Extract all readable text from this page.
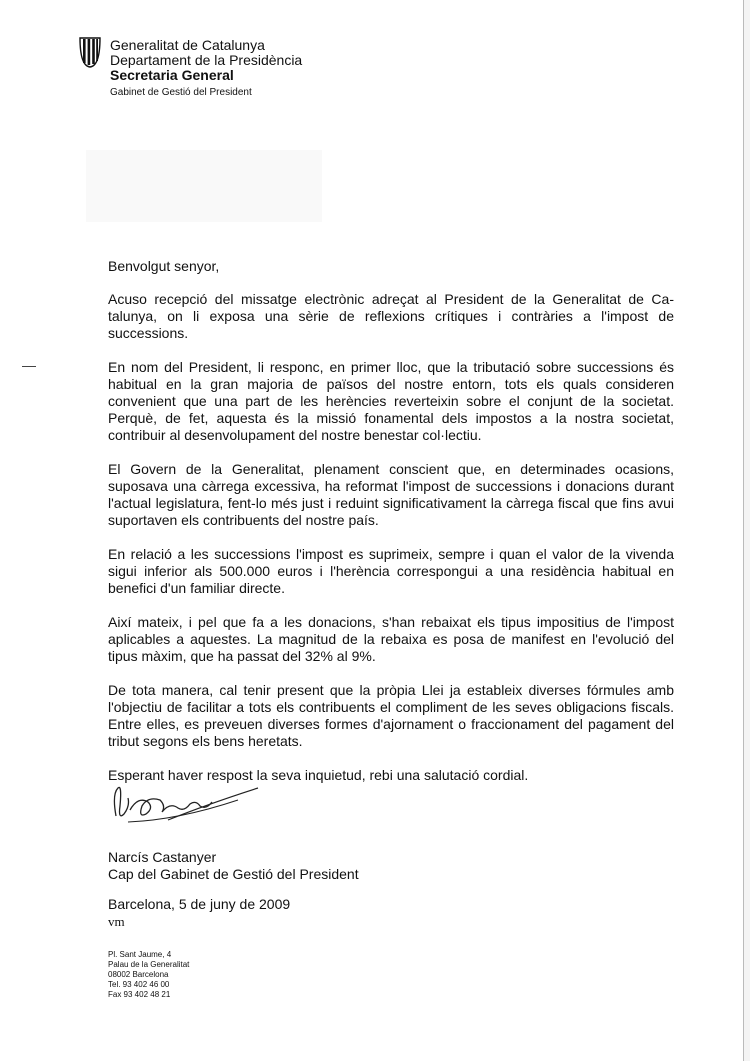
Generalitat de Catalunya
Departament de la Presidència
Secretaria General
Gabinet de Gestió del President

Benvolgut senyor,

Acuso recepció del missatge electrònic adreçat al President de la Generalitat de Ca-talunya, on li exposa una sèrie de reflexions crítiques i contràries a l'impost de successions.

En nom del President, li responc, en primer lloc, que la tributació sobre successions és habitual en la gran majoria de països del nostre entorn, tots els quals consideren convenient que una part de les herències reverteixin sobre el conjunt de la societat. Perquè, de fet, aquesta és la missió fonamental dels impostos a la nostra societat, contribuir al desenvolupament del nostre benestar col·lectiu.

El Govern de la Generalitat, plenament conscient que, en determinades ocasions, suposava una càrrega excessiva, ha reformat l'impost de successions i donacions durant l'actual legislatura, fent-lo més just i reduint significativament la càrrega fiscal que fins avui suportaven els contribuents del nostre país.

En relació a les successions l'impost es suprimeix, sempre i quan el valor de la vivenda sigui inferior als 500.000 euros i l'herència correspongui a una residència habitual en benefici d'un familiar directe.

Així mateix, i pel que fa a les donacions, s'han rebaixat els tipus impositius de l'impost aplicables a aquestes. La magnitud de la rebaixa es posa de manifest en l'evolució del tipus màxim, que ha passat del 32% al 9%.

De tota manera, cal tenir present que la pròpia Llei ja estableix diverses fórmules amb l'objectiu de facilitar a tots els contribuents el compliment de les seves obligacions fiscals. Entre elles, es preveuen diverses formes d'ajornament o fraccionament del pagament del tribut segons els bens heretats.

Esperant haver respost la seva inquietud, rebi una salutació cordial.

Narcís Castanyer
Cap del Gabinet de Gestió del President
Barcelona, 5 de juny de 2009
vm
Pl. Sant Jaume, 4
Palau de la Generalitat
08002 Barcelona
Tel. 93 402 46 00
Fax 93 402 48 21
